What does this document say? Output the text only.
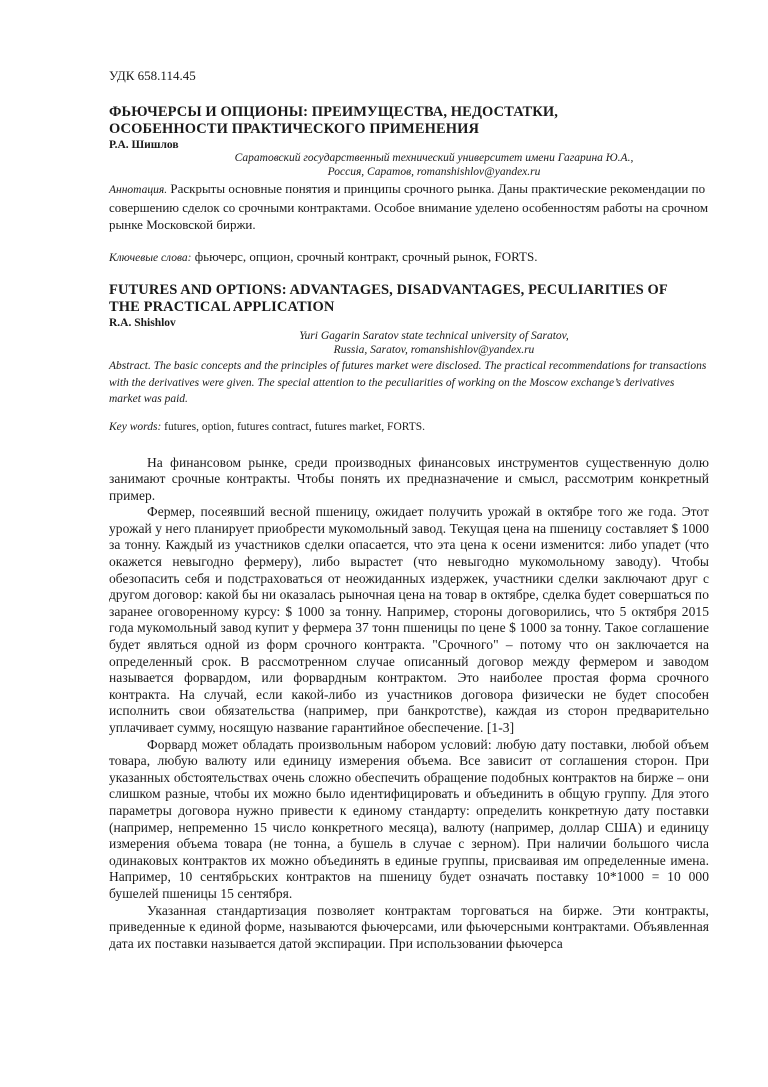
УДК 658.114.45

ФЬЮЧЕРСЫ И ОПЦИОНЫ: ПРЕИМУЩЕСТВА, НЕДОСТАТКИ,
ОСОБЕННОСТИ ПРАКТИЧЕСКОГО ПРИМЕНЕНИЯ

Р.А. Шишлов

Саратовский государственный технический университет имени Гагарина Ю.А.,
Россия, Саратов, romanshishlov@yandex.ru

Аннотация. Раскрыты основные понятия и принципы срочного рынка. Даны практические рекомендации по совершению сделок со срочными контрактами. Особое внимание уделено особенностям работы на срочном рынке Московской биржи.

Ключевые слова: фьючерс, опцион, срочный контракт, срочный рынок, FORTS.

FUTURES AND OPTIONS: ADVANTAGES, DISADVANTAGES, PECULIARITIES OF
THE PRACTICAL APPLICATION

R.A. Shishlov

Yuri Gagarin Saratov state technical university of Saratov,
Russia, Saratov, romanshishlov@yandex.ru

Abstract. The basic concepts and the principles of futures market were disclosed. The practical recommendations for transactions with the derivatives were given. The special attention to the peculiarities of working on the Moscow exchange’s derivatives market was paid.

Key words: futures, option, futures contract, futures market, FORTS.

На финансовом рынке, среди производных финансовых инструментов существенную долю занимают срочные контракты. Чтобы понять их предназначение и смысл, рассмотрим конкретный пример.

Фермер, посеявший весной пшеницу, ожидает получить урожай в октябре того же года. Этот урожай у него планирует приобрести мукомольный завод. Текущая цена на пшеницу составляет $ 1000 за тонну. Каждый из участников сделки опасается, что эта цена к осени изменится: либо упадет (что окажется невыгодно фермеру), либо вырастет (что невыгодно мукомольному заводу). Чтобы обезопасить себя и подстраховаться от неожиданных издержек, участники сделки заключают друг с другом договор: какой бы ни оказалась рыночная цена на товар в октябре, сделка будет совершаться по заранее оговоренному курсу: $ 1000 за тонну. Например, стороны договорились, что 5 октября 2015 года мукомольный завод купит у фермера 37 тонн пшеницы по цене $ 1000 за тонну. Такое соглашение будет являться одной из форм срочного контракта. "Срочного" – потому что он заключается на определенный срок. В рассмотренном случае описанный договор между фермером и заводом называется форвардом, или форвардным контрактом. Это наиболее простая форма срочного контракта. На случай, если какой-либо из участников договора физически не будет способен исполнить свои обязательства (например, при банкротстве), каждая из сторон предварительно уплачивает сумму, носящую название гарантийное обеспечение. [1-3]

Форвард может обладать произвольным набором условий: любую дату поставки, любой объем товара, любую валюту или единицу измерения объема. Все зависит от соглашения сторон. При указанных обстоятельствах очень сложно обеспечить обращение подобных контрактов на бирже – они слишком разные, чтобы их можно было идентифицировать и объединить в общую группу. Для этого параметры договора нужно привести к единому стандарту: определить конкретную дату поставки (например, непременно 15 число конкретного месяца), валюту (например, доллар США) и единицу измерения объема товара (не тонна, а бушель в случае с зерном). При наличии большого числа одинаковых контрактов их можно объединять в единые группы, присваивая им определенные имена. Например, 10 сентябрьских контрактов на пшеницу будет означать поставку 10*1000 = 10 000 бушелей пшеницы 15 сентября.

Указанная стандартизация позволяет контрактам торговаться на бирже. Эти контракты, приведенные к единой форме, называются фьючерсами, или фьючерсными контрактами. Объявленная дата их поставки называется датой экспирации. При использовании фьючерса
